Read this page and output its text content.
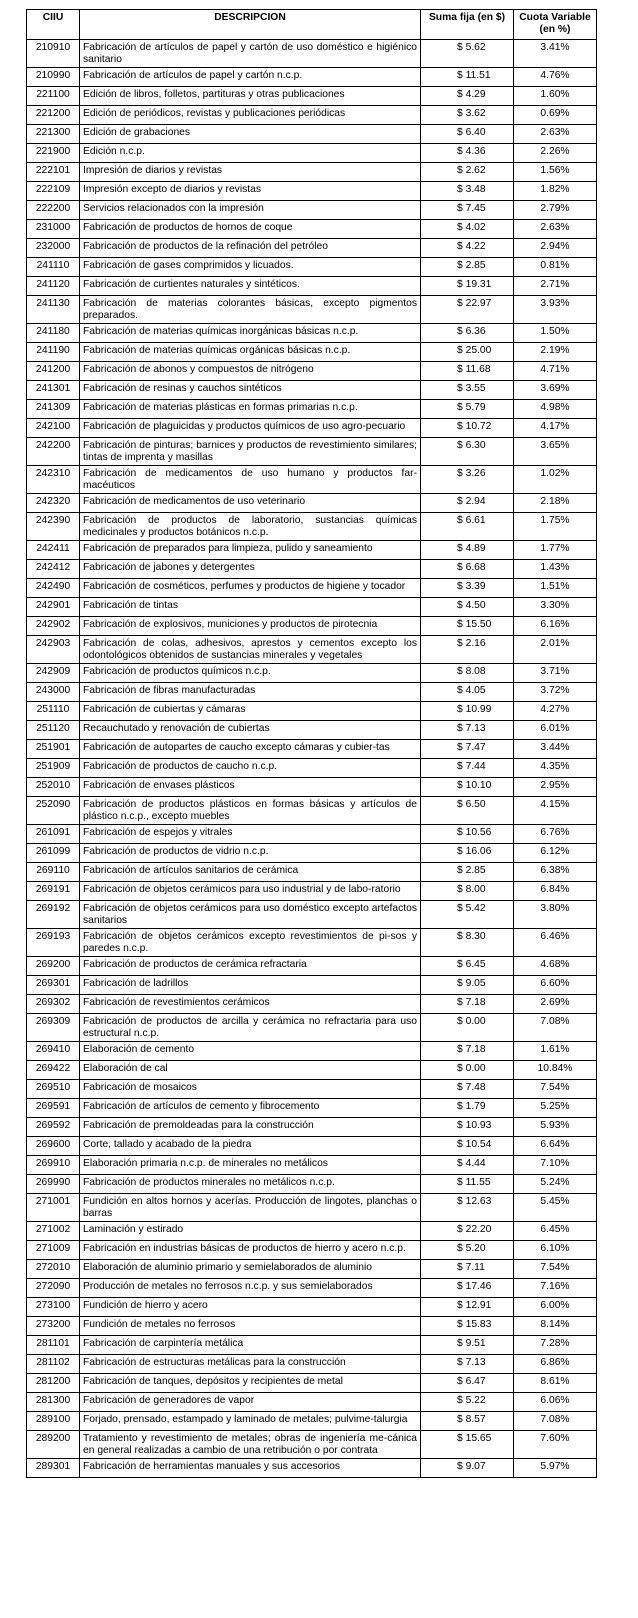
CIIU	DESCRIPCION	Suma fija (en $)	Cuota Variable (en %)
210910	Fabricación de artículos de papel y cartón de uso doméstico e higiénico sanitario	$ 5.62	3.41%
210990	Fabricación de artículos de papel y cartón n.c.p.	$ 11.51	4.76%
221100	Edición de libros, folletos, partituras y otras publicaciones	$ 4.29	1.60%
221200	Edición de periódicos, revistas y publicaciones periódicas	$ 3.62	0.69%
221300	Edición de grabaciones	$ 6.40	2.63%
221900	Edición n.c.p.	$ 4.36	2.26%
222101	Impresión de diarios y revistas	$ 2.62	1.56%
222109	Impresión excepto de diarios y revistas	$ 3.48	1.82%
222200	Servicios relacionados con la impresión	$ 7.45	2.79%
231000	Fabricación de productos de hornos de coque	$ 4.02	2.63%
232000	Fabricación de productos de la refinación del petróleo	$ 4.22	2.94%
241110	Fabricación de gases comprimidos y licuados.	$ 2.85	0.81%
241120	Fabricación de curtientes naturales y sintéticos.	$ 19.31	2.71%
241130	Fabricación de materias colorantes básicas, excepto pigmentos preparados.	$ 22.97	3.93%
241180	Fabricación de materias químicas inorgánicas básicas n.c.p.	$ 6.36	1.50%
241190	Fabricación de materias químicas orgánicas básicas n.c.p.	$ 25.00	2.19%
241200	Fabricación de abonos y compuestos de nitrógeno	$ 11.68	4.71%
241301	Fabricación de resinas y cauchos sintéticos	$ 3.55	3.69%
241309	Fabricación de materias plásticas en formas primarias n.c.p.	$ 5.79	4.98%
242100	Fabricación de plaguicidas y productos químicos de uso agro-pecuario	$ 10.72	4.17%
242200	Fabricación de pinturas; barnices y productos de revestimiento similares; tintas de imprenta y masillas	$ 6.30	3.65%
242310	Fabricación de medicamentos de uso humano y productos far-macéuticos	$ 3.26	1.02%
242320	Fabricación de medicamentos de uso veterinario	$ 2.94	2.18%
242390	Fabricación de productos de laboratorio, sustancias químicas medicinales y productos botánicos n.c.p.	$ 6.61	1.75%
242411	Fabricación de preparados para limpieza, pulido y saneamiento	$ 4.89	1.77%
242412	Fabricación de jabones y detergentes	$ 6.68	1.43%
242490	Fabricación de cosméticos, perfumes y productos de higiene y tocador	$ 3.39	1.51%
242901	Fabricación de tintas	$ 4.50	3.30%
242902	Fabricación de explosivos, municiones y productos de pirotecnia	$ 15.50	6.16%
242903	Fabricación de colas, adhesivos, aprestos y cementos excepto los odontológicos obtenidos de sustancias minerales y vegetales	$ 2.16	2.01%
242909	Fabricación de productos químicos n.c.p.	$ 8.08	3.71%
243000	Fabricación de fibras manufacturadas	$ 4.05	3.72%
251110	Fabricación de cubiertas y cámaras	$ 10.99	4.27%
251120	Recauchutado y renovación de cubiertas	$ 7.13	6.01%
251901	Fabricación de autopartes de caucho excepto cámaras y cubier-tas	$ 7.47	3.44%
251909	Fabricación de productos de caucho n.c.p.	$ 7.44	4.35%
252010	Fabricación de envases plásticos	$ 10.10	2.95%
252090	Fabricación de productos plásticos en formas básicas y artículos de plástico n.c.p., excepto muebles	$ 6.50	4.15%
261091	Fabricación de espejos y vitrales	$ 10.56	6.76%
261099	Fabricación de productos de vidrio n.c.p.	$ 16.06	6.12%
269110	Fabricación de artículos sanitarios de cerámica	$ 2.85	6.38%
269191	Fabricación de objetos cerámicos para uso industrial y de labo-ratorio	$ 8.00	6.84%
269192	Fabricación de objetos cerámicos para uso doméstico excepto artefactos sanitarios	$ 5.42	3.80%
269193	Fabricación de objetos cerámicos excepto revestimientos de pi-sos y paredes n.c.p.	$ 8.30	6.46%
269200	Fabricación de productos de cerámica refractaria	$ 6.45	4.68%
269301	Fabricación de ladrillos	$ 9.05	6.60%
269302	Fabricación de revestimientos cerámicos	$ 7.18	2.69%
269309	Fabricación de productos de arcilla y cerámica no refractaria para uso estructural n.c.p.	$ 0.00	7.08%
269410	Elaboración de cemento	$ 7.18	1.61%
269422	Elaboración de cal	$ 0.00	10.84%
269510	Fabricación de mosaicos	$ 7.48	7.54%
269591	Fabricación de artículos de cemento y fibrocemento	$ 1.79	5.25%
269592	Fabricación de premoldeadas para la construcción	$ 10.93	5.93%
269600	Corte, tallado y acabado de la piedra	$ 10.54	6.64%
269910	Elaboración primaria n.c.p. de minerales no metálicos	$ 4.44	7.10%
269990	Fabricación de productos minerales no metálicos n.c.p.	$ 11.55	5.24%
271001	Fundición en altos hornos y acerías. Producción de lingotes, planchas o barras	$ 12.63	5.45%
271002	Laminación y estirado	$ 22.20	6.45%
271009	Fabricación en industrias básicas de productos de hierro y acero n.c.p.	$ 5.20	6.10%
272010	Elaboración de aluminio primario y semielaborados de aluminio	$ 7.11	7.54%
272090	Producción de metales no ferrosos n.c.p. y sus semielaborados	$ 17.46	7.16%
273100	Fundición de hierro y acero	$ 12.91	6.00%
273200	Fundición de metales no ferrosos	$ 15.83	8.14%
281101	Fabricación de carpintería metálica	$ 9.51	7.28%
281102	Fabricación de estructuras metálicas para la construcción	$ 7.13	6.86%
281200	Fabricación de tanques, depósitos y recipientes de metal	$ 6.47	8.61%
281300	Fabricación de generadores de vapor	$ 5.22	6.06%
289100	Forjado, prensado, estampado y laminado de metales; pulvime-talurgia	$ 8.57	7.08%
289200	Tratamiento y revestimiento de metales; obras de ingeniería me-cánica en general realizadas a cambio de una retribución o por contrata	$ 15.65	7.60%
289301	Fabricación de herramientas manuales y sus accesorios	$ 9.07	5.97%
